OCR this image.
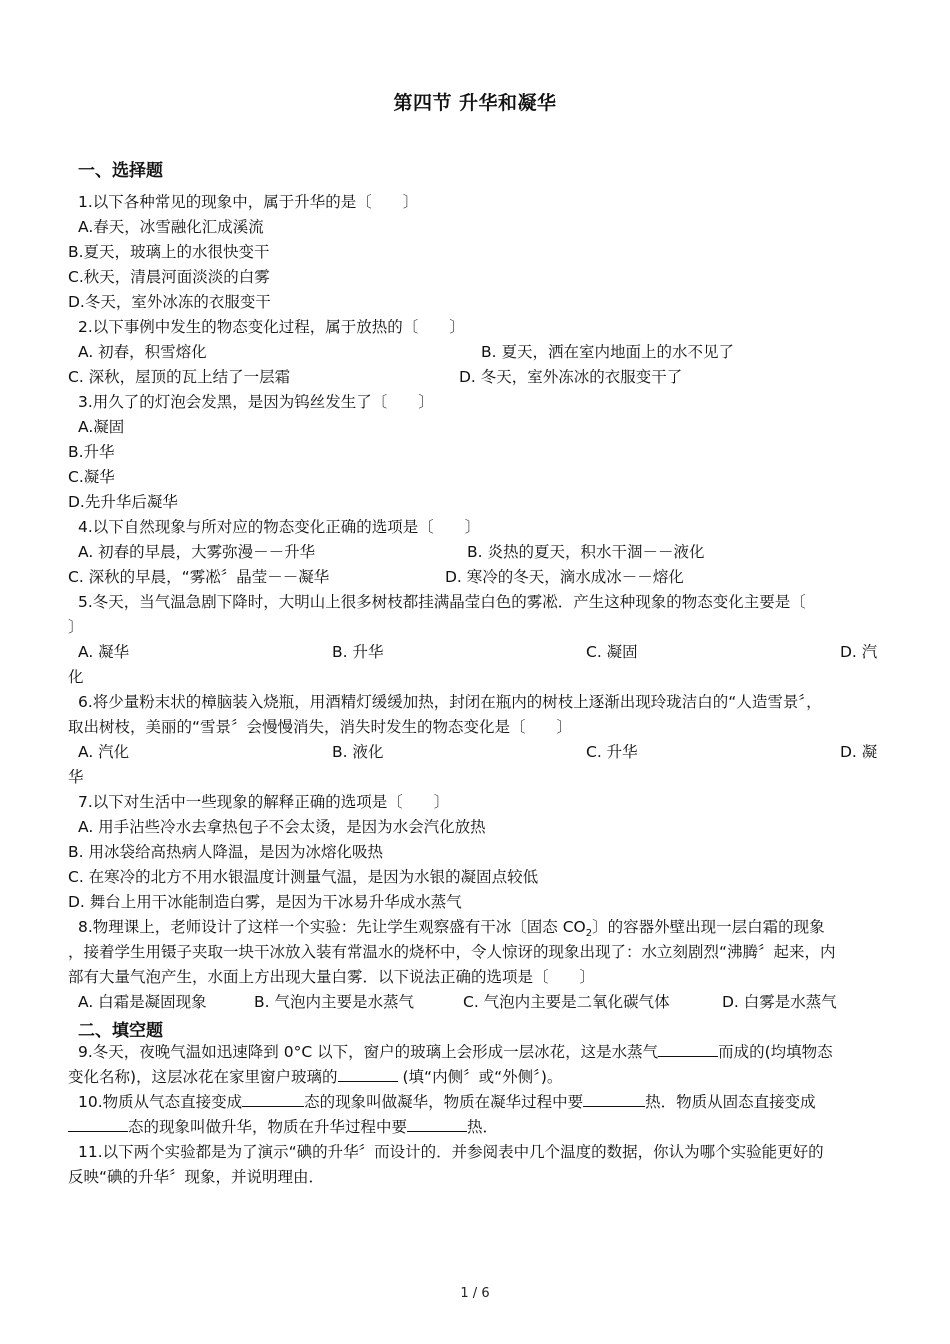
第四节 升华和凝华
一、选择题
1.以下各种常见的现象中，属于升华的是〔　　〕
A.春天，冰雪融化汇成溪流
B.夏天，玻璃上的水很快变干
C.秋天，清晨河面淡淡的白雾
D.冬天，室外冰冻的衣服变干
2.以下事例中发生的物态变化过程，属于放热的〔　　〕
A. 初春，积雪熔化	B. 夏天，洒在室内地面上的水不见了
C. 深秋，屋顶的瓦上结了一层霜	D. 冬天，室外冻冰的衣服变干了
3.用久了的灯泡会发黑，是因为钨丝发生了〔　　〕
A.凝固
B.升华
C.凝华
D.先升华后凝华
4.以下自然现象与所对应的物态变化正确的选项是〔　　〕
A. 初春的早晨，大雾弥漫－－升华	B. 炎热的夏天，积水干涸－－液化
C. 深秋的早晨，“雾凇〞晶莹－－凝华	D. 寒冷的冬天，滴水成冰－－熔化
5.冬天，当气温急剧下降时，大明山上很多树枝都挂满晶莹白色的雾凇．产生这种现象的物态变化主要是〔
〕
A. 凝华	B. 升华	C. 凝固	D. 汽
化
6.将少量粉末状的樟脑装入烧瓶，用酒精灯缓缓加热，封闭在瓶内的树枝上逐渐出现玲珑洁白的“人造雪景〞，
取出树枝，美丽的“雪景〞会慢慢消失，消失时发生的物态变化是〔　　〕
A. 汽化	B. 液化	C. 升华	D. 凝
华
7.以下对生活中一些现象的解释正确的选项是〔　　〕
A. 用手沾些冷水去拿热包子不会太烫，是因为水会汽化放热
B. 用冰袋给高热病人降温，是因为冰熔化吸热
C. 在寒冷的北方不用水银温度计测量气温，是因为水银的凝固点较低
D. 舞台上用干冰能制造白雾，是因为干冰易升华成水蒸气
8.物理课上，老师设计了这样一个实验：先让学生观察盛有干冰〔固态 $CO_2$〕的容器外壁出现一层白霜的现象
，接着学生用镊子夹取一块干冰放入装有常温水的烧杯中，令人惊讶的现象出现了：水立刻剧烈“沸腾〞起来，内
部有大量气泡产生，水面上方出现大量白雾．以下说法正确的选项是〔　　〕
A. 白霜是凝固现象	B. 气泡内主要是水蒸气	C. 气泡内主要是二氧化碳气体	D. 白雾是水蒸气
二、填空题
9.冬天，夜晚气温如迅速降到 0°C 以下，窗户的玻璃上会形成一层冰花，这是水蒸气	而成的(均填物态
变化名称)，这层冰花在家里窗户玻璃的	(填“内侧〞或“外侧〞)。
10.物质从气态直接变成	态的现象叫做凝华，物质在凝华过程中要	热．物质从固态直接变成
态的现象叫做升华，物质在升华过程中要	热．
11.以下两个实验都是为了演示“碘的升华〞而设计的．并参阅表中几个温度的数据，你认为哪个实验能更好的
反映“碘的升华〞现象，并说明理由．
1 / 6
